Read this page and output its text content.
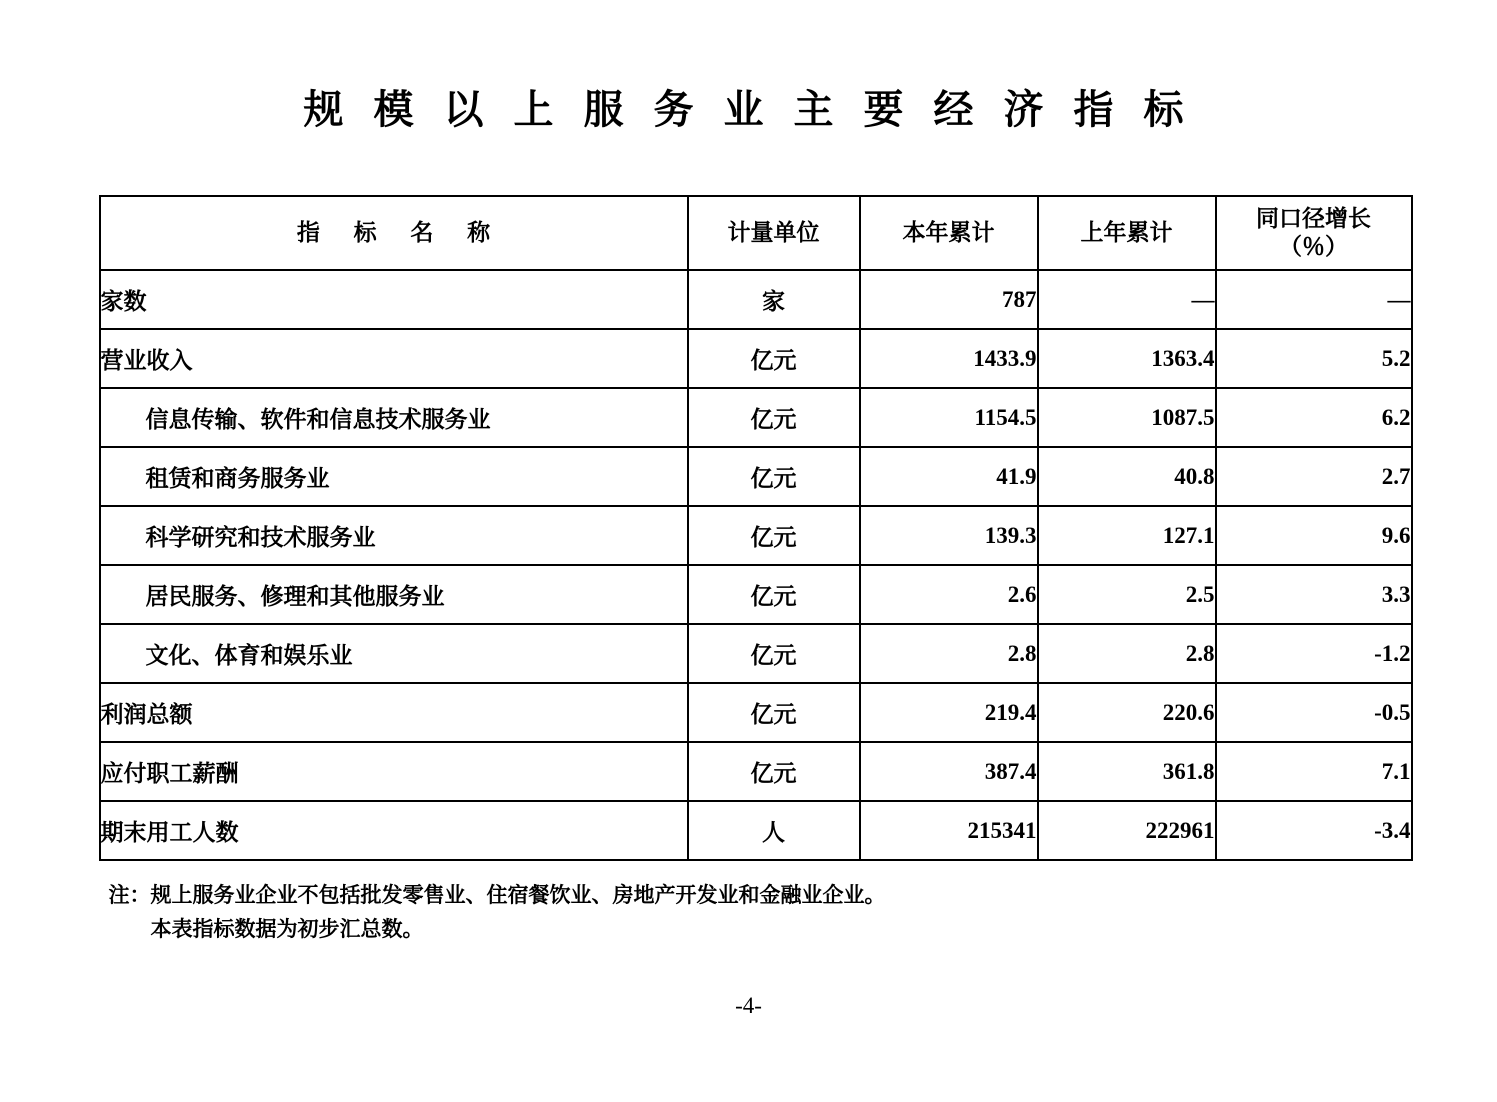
规 模 以 上 服 务 业 主 要 经 济 指 标
指 标 名 称	计量单位	本年累计	上年累计	同口径增长
（％）

家数	家	787	—	—
营业收入	亿元	1433.9	1363.4	5.2
信息传输、软件和信息技术服务业	亿元	1154.5	1087.5	6.2
租赁和商务服务业	亿元	41.9	40.8	2.7
科学研究和技术服务业	亿元	139.3	127.1	9.6
居民服务、修理和其他服务业	亿元	2.6	2.5	3.3
文化、体育和娱乐业	亿元	2.8	2.8	-1.2
利润总额	亿元	219.4	220.6	-0.5
应付职工薪酬	亿元	387.4	361.8	7.1
期末用工人数	人	215341	222961	-3.4
注：规上服务业企业不包括批发零售业、住宿餐饮业、房地产开发业和金融业企业。
本表指标数据为初步汇总数。
-4-
